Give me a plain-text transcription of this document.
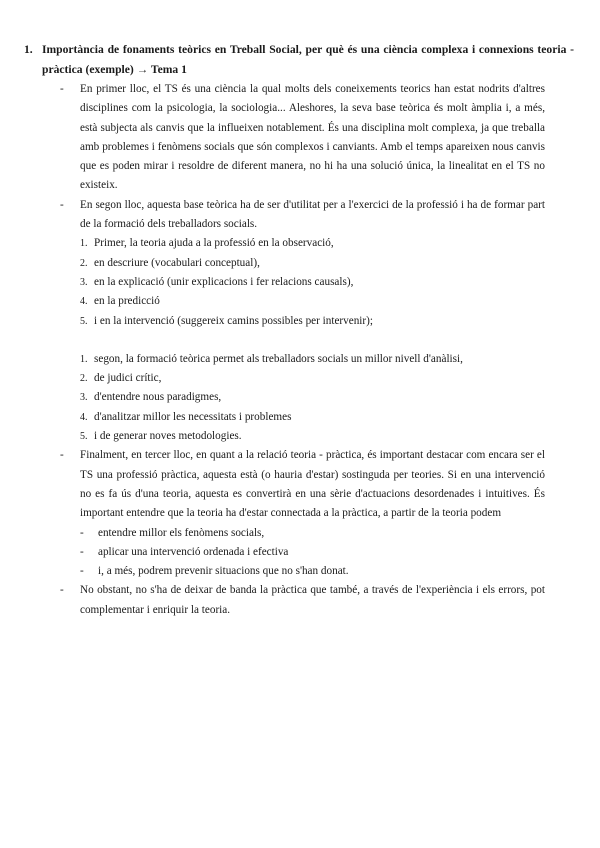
1. Importància de fonaments teòrics en Treball Social, per què és una ciència complexa i connexions teoria - pràctica (exemple) → Tema 1
- En primer lloc, el TS és una ciència la qual molts dels coneixements teorics han estat nodrits d'altres disciplines com la psicologia, la sociologia... Aleshores, la seva base teòrica és molt àmplia i, a més, està subjecta als canvis que la influeixen notablement. És una disciplina molt complexa, ja que treballa amb problemes i fenòmens socials que són complexos i canviants. Amb el temps apareixen nous canvis que es poden mirar i resoldre de diferent manera, no hi ha una solució única, la linealitat en el TS no existeix.
- En segon lloc, aquesta base teòrica ha de ser d'utilitat per a l'exercici de la professió i ha de formar part de la formació dels treballadors socials.
1. Primer, la teoria ajuda a la professió en la observació,
2. en descriure (vocabulari conceptual),
3. en la explicació (unir explicacions i fer relacions causals),
4. en la predicció
5. i en la intervenció (suggereix camins possibles per intervenir);
1. segon, la formació teòrica permet als treballadors socials un millor nivell d'anàlisi,
2. de judici crític,
3. d'entendre nous paradigmes,
4. d'analitzar millor les necessitats i problemes
5. i de generar noves metodologies.
- Finalment, en tercer lloc, en quant a la relació teoria - pràctica, és important destacar com encara ser el TS una professió pràctica, aquesta està (o hauria d'estar) sostinguda per teories. Si en una intervenció no es fa ús d'una teoria, aquesta es convertirà en una sèrie d'actuacions desordenades i intuitives. És important entendre que la teoria ha d'estar connectada a la pràctica, a partir de la teoria podem
- entendre millor els fenòmens socials,
- aplicar una intervenció ordenada i efectiva
- i, a més, podrem prevenir situacions que no s'han donat.
- No obstant, no s'ha de deixar de banda la pràctica que també, a través de l'experiència i els errors, pot complementar i enriquir la teoria.
